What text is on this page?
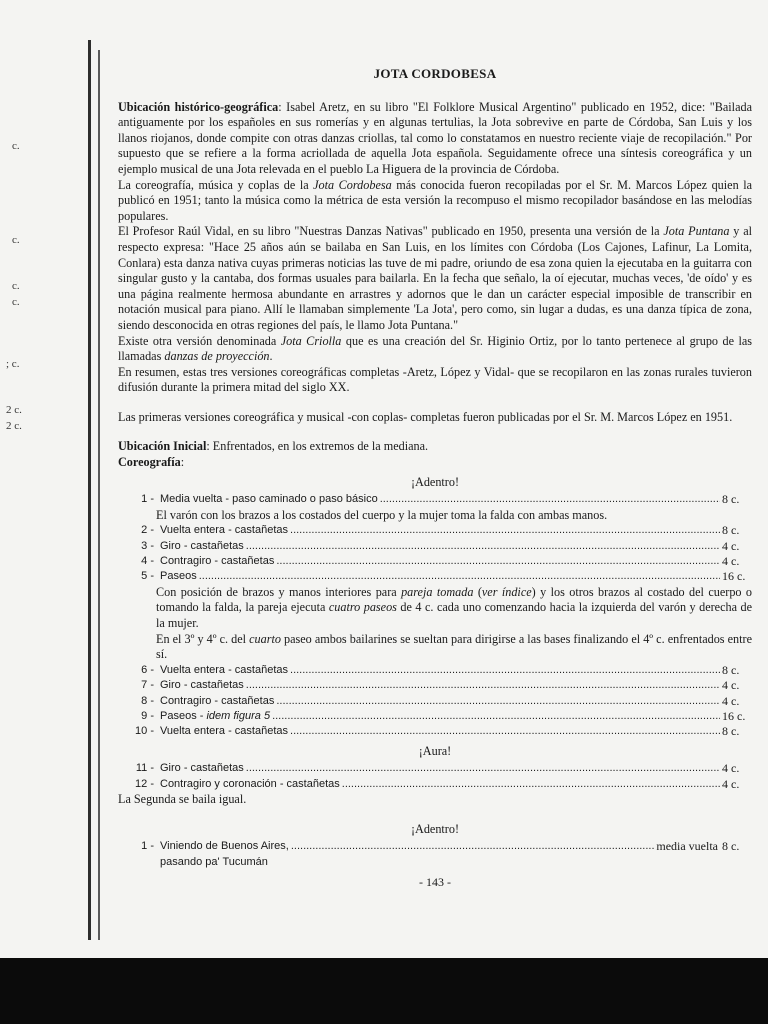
c.
c.
c.
c.
; c.
2 c.
2 c.
JOTA CORDOBESA

Ubicación histórico-geográfica: Isabel Aretz, en su libro "El Folklore Musical Argentino" publicado en 1952, dice: "Bailada antiguamente por los españoles en sus romerías y en algunas tertulias, la Jota sobrevive en parte de Córdoba, San Luis y los llanos riojanos, donde compite con otras danzas criollas, tal como lo constatamos en nuestro reciente viaje de recopilación." Por supuesto que se refiere a la forma acriollada de aquella Jota española. Seguidamente ofrece una síntesis coreográfica y un ejemplo musical de una Jota relevada en el pueblo La Higuera de la provincia de Córdoba.

La coreografía, música y coplas de la Jota Cordobesa más conocida fueron recopiladas por el Sr. M. Marcos López quien la publicó en 1951; tanto la música como la métrica de esta versión la recompuso el mismo recopilador basándose en las melodías populares.

El Profesor Raúl Vidal, en su libro "Nuestras Danzas Nativas" publicado en 1950, presenta una versión de la Jota Puntana y al respecto expresa: "Hace 25 años aún se bailaba en San Luis, en los límites con Córdoba (Los Cajones, Lafinur, La Lomita, Conlara) esta danza nativa cuyas primeras noticias las tuve de mi padre, oriundo de esa zona quien la ejecutaba en la guitarra con singular gusto y la cantaba, dos formas usuales para bailarla. En la fecha que señalo, la oí ejecutar, muchas veces, 'de oído' y es una página realmente hermosa abundante en arrastres y adornos que le dan un carácter especial imposible de transcribir en notación musical para piano. Allí le llamaban simplemente 'La Jota', pero como, sin lugar a dudas, es una danza típica de zona, siendo desconocida en otras regiones del país, le llamo Jota Puntana."

Existe otra versión denominada Jota Criolla que es una creación del Sr. Higinio Ortiz, por lo tanto pertenece al grupo de las llamadas danzas de proyección.

En resumen, estas tres versiones coreográficas completas -Aretz, López y Vidal- que se recopilaron en las zonas rurales tuvieron difusión durante la primera mitad del siglo XX.

Las primeras versiones coreográfica y musical -con coplas- completas fueron publicadas por el Sr. M. Marcos López en 1951.

Ubicación Inicial: Enfrentados, en los extremos de la mediana.

Coreografía:

¡Adentro!
1 - Media vuelta - paso caminado o paso básico .....	8 c.
El varón con los brazos a los costados del cuerpo y la mujer toma la falda con ambas manos.
2 - Vuelta entera - castañetas .....	8 c.
3 - Giro - castañetas .....	4 c.
4 - Contragiro - castañetas .....	4 c.
5 - Paseos .....	16 c.
Con posición de brazos y manos interiores para pareja tomada (ver índice) y los otros brazos al costado del cuerpo o tomando la falda, la pareja ejecuta cuatro paseos de 4 c. cada uno comenzando hacia la izquierda del varón y derecha de la mujer.
En el 3º y 4º c. del cuarto paseo ambos bailarines se sueltan para dirigirse a las bases finalizando el 4º c. enfrentados entre sí.
6 - Vuelta entera - castañetas .....	8 c.
7 - Giro - castañetas .....	4 c.
8 - Contragiro - castañetas .....	4 c.
9 - Paseos - idem figura 5 .....	16 c.
10 - Vuelta entera - castañetas .....	8 c.
¡Aura!
11 - Giro - castañetas .....	4 c.
12 - Contragiro y coronación - castañetas .....	4 c.

La Segunda se baila igual.

¡Adentro!
1 - Viniendo de Buenos Aires, .....	media vuelta 8 c.
pasando pa' Tucumán
- 143 -
